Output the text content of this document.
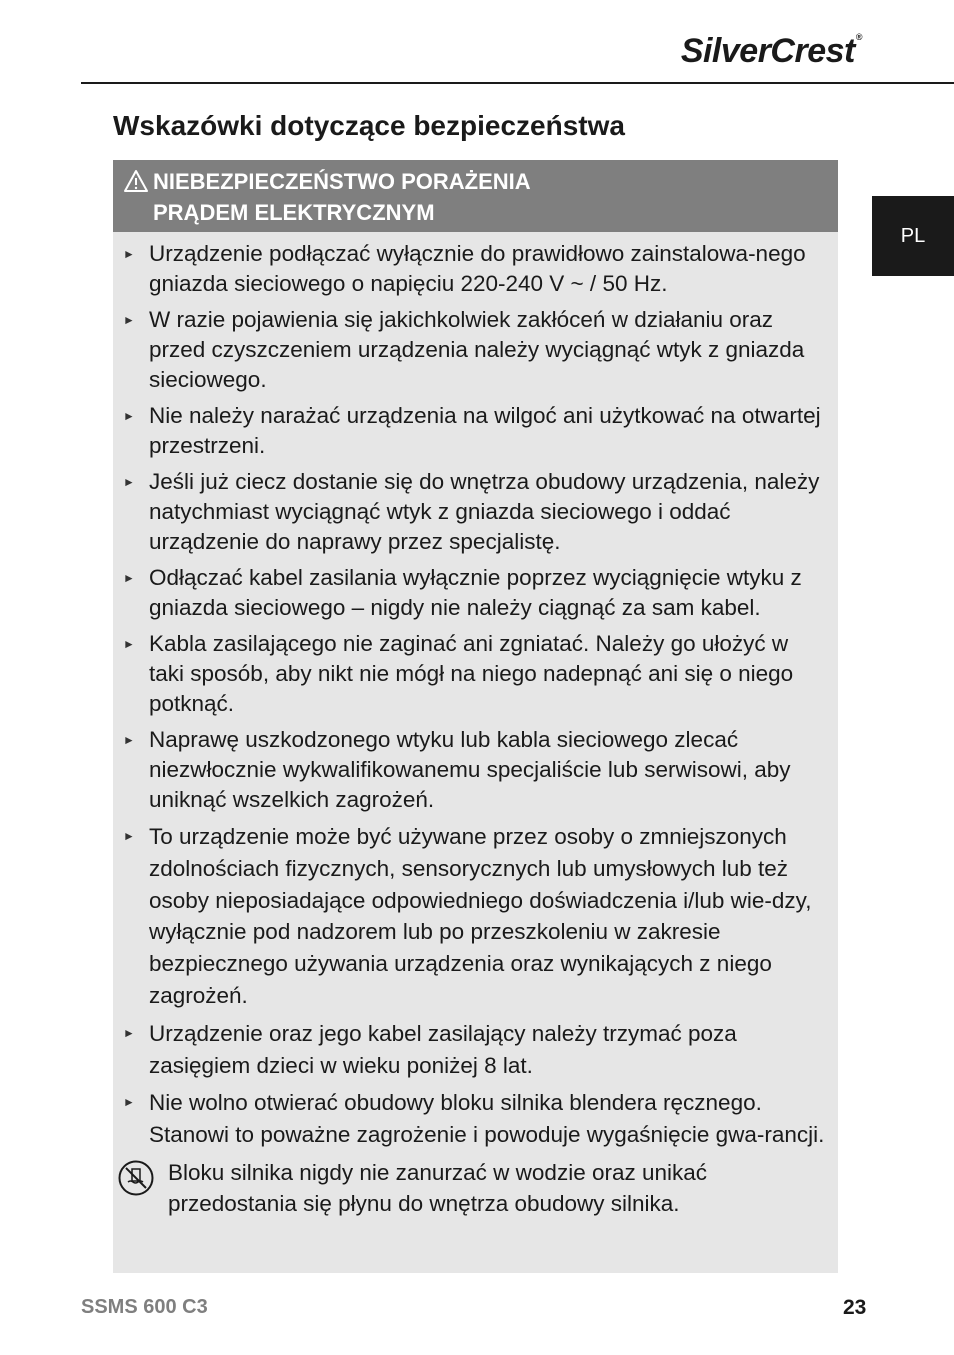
SilverCrest®
PL
Wskazówki dotyczące bezpieczeństwa
NIEBEZPIECZEŃSTWO PORAŻENIA
PRĄDEM ELEKTRYCZNYM
► Urządzenie podłączać wyłącznie do prawidłowo zainstalowa-nego gniazda sieciowego o napięciu 220-240 V ~ / 50 Hz.
► W razie pojawienia się jakichkolwiek zakłóceń w działaniu oraz przed czyszczeniem urządzenia należy wyciągnąć wtyk z gniazda sieciowego.
► Nie należy narażać urządzenia na wilgoć ani użytkować na otwartej przestrzeni.
► Jeśli już ciecz dostanie się do wnętrza obudowy urządzenia, należy natychmiast wyciągnąć wtyk z gniazda sieciowego i oddać urządzenie do naprawy przez specjalistę.
► Odłączać kabel zasilania wyłącznie poprzez wyciągnięcie wtyku z gniazda sieciowego – nigdy nie należy ciągnąć za sam kabel.
► Kabla zasilającego nie zaginać ani zgniatać. Należy go ułożyć w taki sposób, aby nikt nie mógł na niego nadepnąć ani się o niego potknąć.
► Naprawę uszkodzonego wtyku lub kabla sieciowego zlecać niezwłocznie wykwalifikowanemu specjaliście lub serwisowi, aby uniknąć wszelkich zagrożeń.
► To urządzenie może być używane przez osoby o zmniejszonych zdolnościach fizycznych, sensorycznych lub umysłowych lub też osoby nieposiadające odpowiedniego doświadczenia i/lub wie-dzy, wyłącznie pod nadzorem lub po przeszkoleniu w zakresie bezpiecznego używania urządzenia oraz wynikających z niego zagrożeń.
► Urządzenie oraz jego kabel zasilający należy trzymać poza zasięgiem dzieci w wieku poniżej 8 lat.
► Nie wolno otwierać obudowy bloku silnika blendera ręcznego. Stanowi to poważne zagrożenie i powoduje wygaśnięcie gwa-rancji.
Bloku silnika nigdy nie zanurzać w wodzie oraz unikać przedostania się płynu do wnętrza obudowy silnika.
SSMS 600 C3	23
